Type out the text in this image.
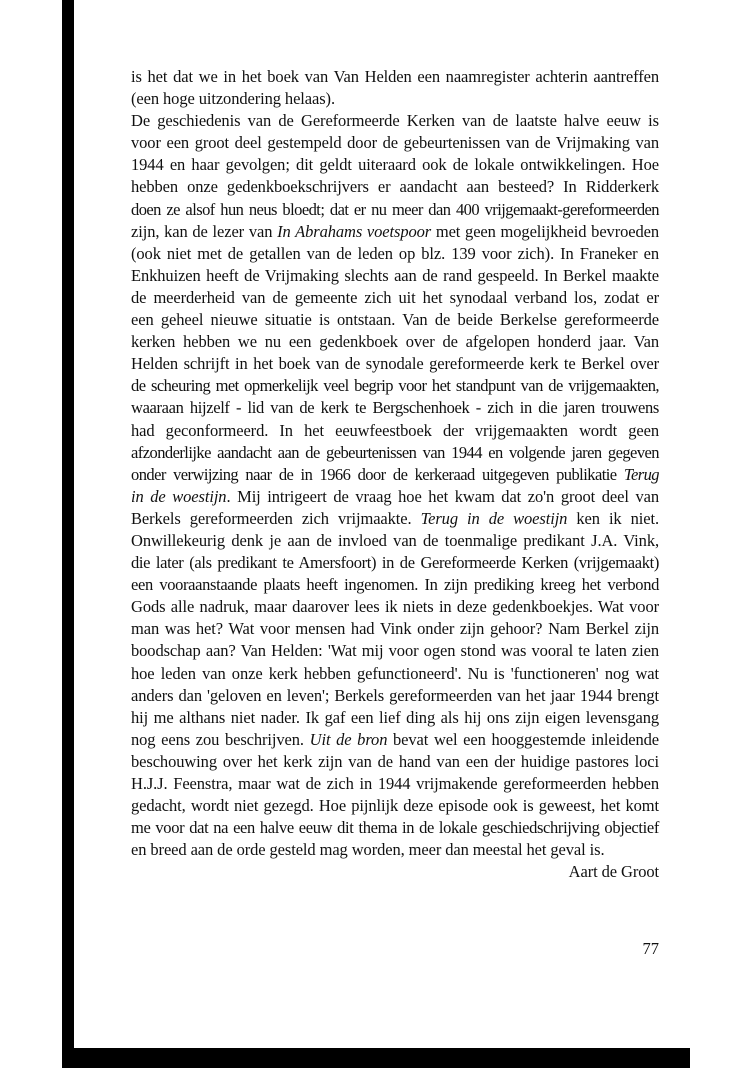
is het dat we in het boek van Van Helden een naamregister achterin aantreffen
(een hoge uitzondering helaas).
De geschiedenis van de Gereformeerde Kerken van de laatste halve eeuw is
voor een groot deel gestempeld door de gebeurtenissen van de Vrijmaking van
1944 en haar gevolgen; dit geldt uiteraard ook de lokale ontwikkelingen. Hoe
hebben onze gedenkboekschrijvers er aandacht aan besteed? In Ridderkerk
doen ze alsof hun neus bloedt; dat er nu meer dan 400 vrijgemaakt-gereformeerden
zijn, kan de lezer van In Abrahams voetspoor met geen mogelijkheid bevroeden
(ook niet met de getallen van de leden op blz. 139 voor zich). In Franeker en
Enkhuizen heeft de Vrijmaking slechts aan de rand gespeeld. In Berkel maakte
de meerderheid van de gemeente zich uit het synodaal verband los, zodat er
een geheel nieuwe situatie is ontstaan. Van de beide Berkelse gereformeerde
kerken hebben we nu een gedenkboek over de afgelopen honderd jaar. Van
Helden schrijft in het boek van de synodale gereformeerde kerk te Berkel over
de scheuring met opmerkelijk veel begrip voor het standpunt van de vrijgemaakten,
waaraan hijzelf - lid van de kerk te Bergschenhoek - zich in die jaren trouwens
had geconformeerd. In het eeuwfeestboek der vrijgemaakten wordt geen
afzonderlijke aandacht aan de gebeurtenissen van 1944 en volgende jaren gegeven
onder verwijzing naar de in 1966 door de kerkeraad uitgegeven publikatie Terug
in de woestijn. Mij intrigeert de vraag hoe het kwam dat zo'n groot deel van
Berkels gereformeerden zich vrijmaakte. Terug in de woestijn ken ik niet.
Onwillekeurig denk je aan de invloed van de toenmalige predikant J.A. Vink,
die later (als predikant te Amersfoort) in de Gereformeerde Kerken (vrijgemaakt)
een vooraanstaande plaats heeft ingenomen. In zijn prediking kreeg het verbond
Gods alle nadruk, maar daarover lees ik niets in deze gedenkboekjes. Wat voor
man was het? Wat voor mensen had Vink onder zijn gehoor? Nam Berkel zijn
boodschap aan? Van Helden: 'Wat mij voor ogen stond was vooral te laten zien
hoe leden van onze kerk hebben gefunctioneerd'. Nu is 'functioneren' nog wat
anders dan 'geloven en leven'; Berkels gereformeerden van het jaar 1944 brengt
hij me althans niet nader. Ik gaf een lief ding als hij ons zijn eigen levensgang
nog eens zou beschrijven. Uit de bron bevat wel een hooggestemde inleidende
beschouwing over het kerk zijn van de hand van een der huidige pastores loci
H.J.J. Feenstra, maar wat de zich in 1944 vrijmakende gereformeerden hebben
gedacht, wordt niet gezegd. Hoe pijnlijk deze episode ook is geweest, het komt
me voor dat na een halve eeuw dit thema in de lokale geschiedschrijving objectief
en breed aan de orde gesteld mag worden, meer dan meestal het geval is.
Aart de Groot
77
